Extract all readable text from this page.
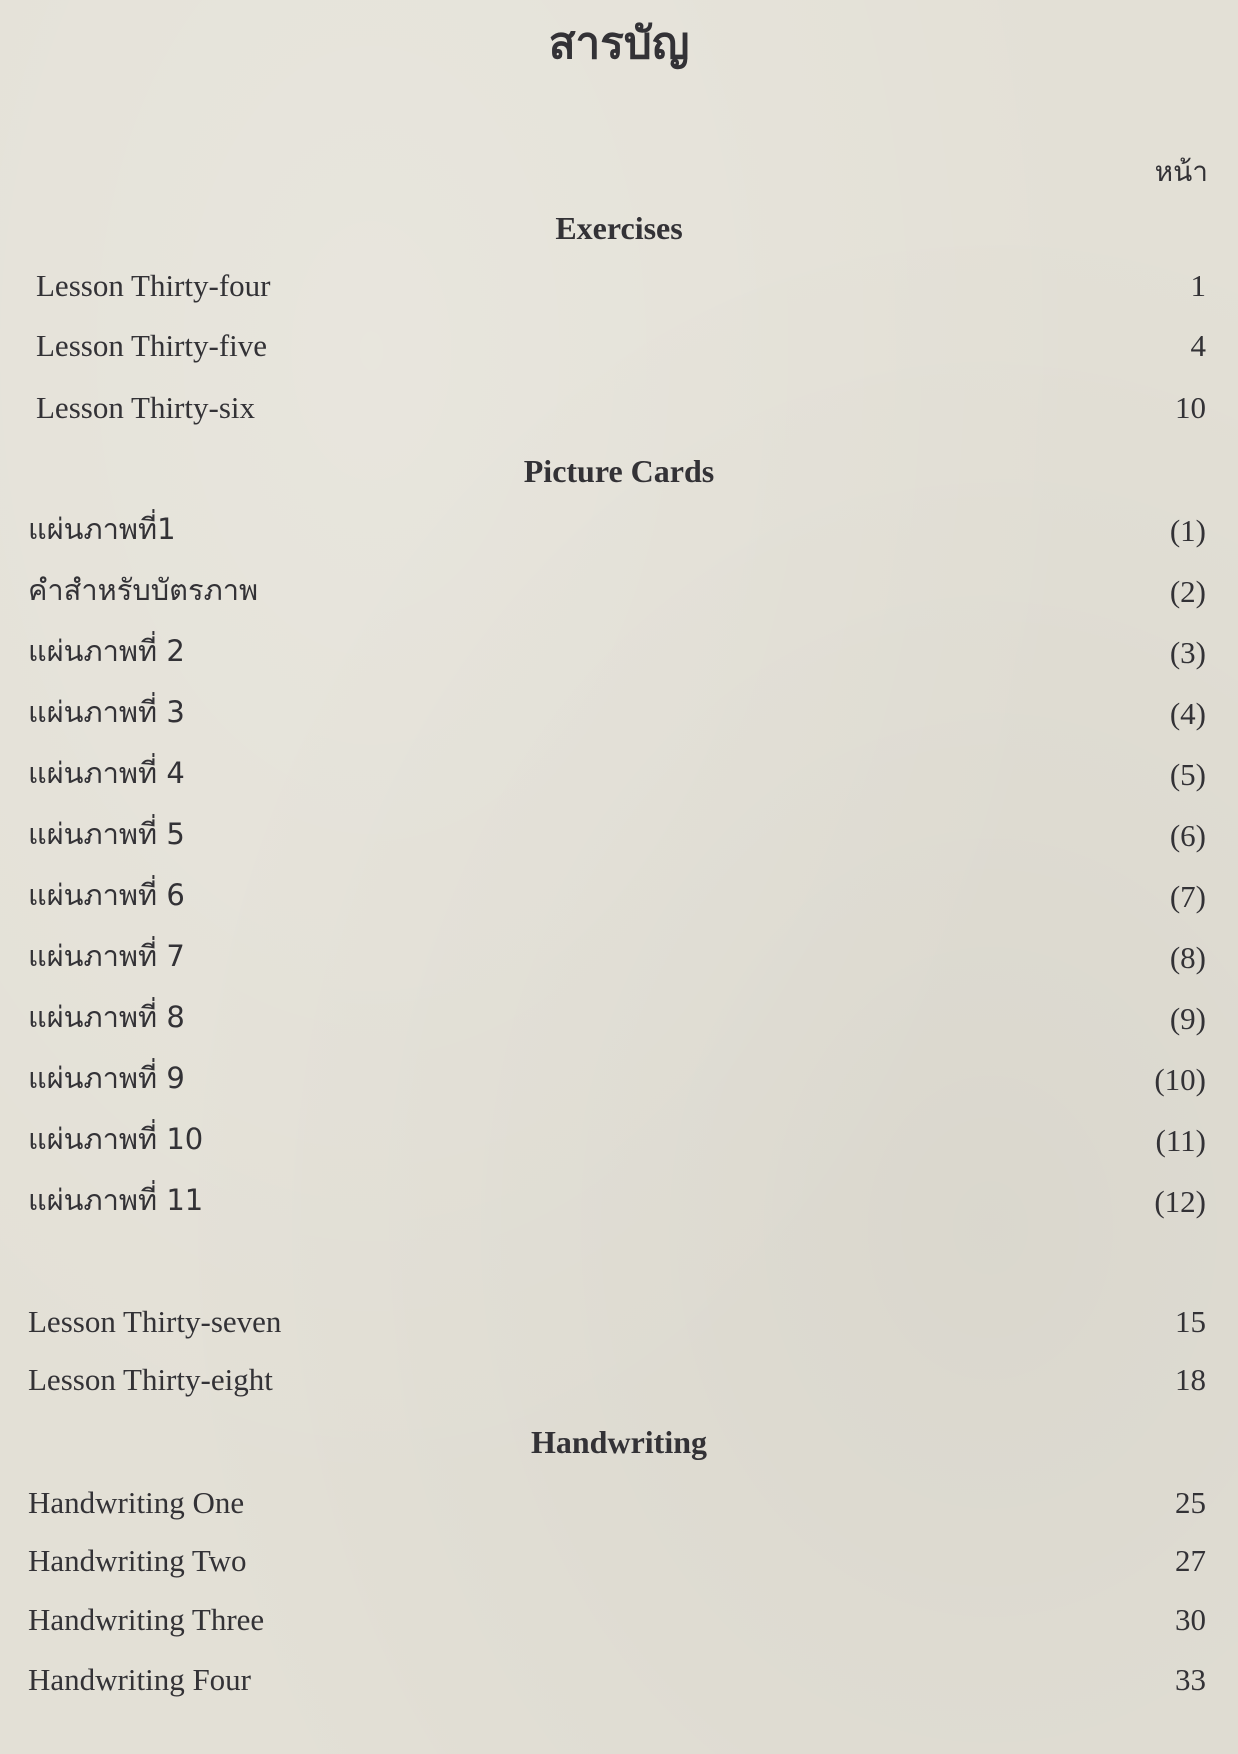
สารบัญ
หน้า
Exercises
Lesson Thirty-four	1
Lesson Thirty-five	4
Lesson Thirty-six	10
Picture Cards
แผ่นภาพที่1	(1)
คำสำหรับบัตรภาพ	(2)
แผ่นภาพที่ 2	(3)
แผ่นภาพที่ 3	(4)
แผ่นภาพที่ 4	(5)
แผ่นภาพที่ 5	(6)
แผ่นภาพที่ 6	(7)
แผ่นภาพที่ 7	(8)
แผ่นภาพที่ 8	(9)
แผ่นภาพที่ 9	(10)
แผ่นภาพที่ 10	(11)
แผ่นภาพที่ 11	(12)
Lesson Thirty-seven	15
Lesson Thirty-eight	18
Handwriting
Handwriting One	25
Handwriting Two	27
Handwriting Three	30
Handwriting Four	33
